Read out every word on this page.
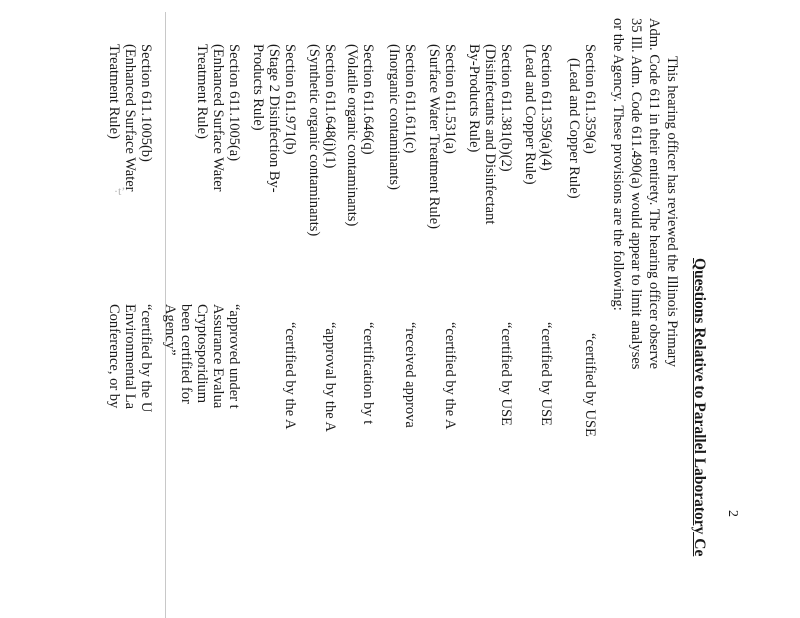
·t’
2
Questions Relative to Parallel Laboratory Ce
This hearing officer has reviewed the Illinois Primary
Adm. Code 611 in their entirety. The hearing officer observe
35 Ill. Adm. Code 611.490(a) would appear to limit analyses
or the Agency. These provisions are the following:
Section 611.359(a)
(Lead and Copper Rule)
“certified by USE
Section 611.359(a)(4)
(Lead and Copper Rule)
“certified by USE
Section 611.381(b)(2)
(Disinfectants and Disinfectant
By-Products Rule)
“certified by USE
Section 611.531(a)
(Surface Water Treatment Rule)
“certified by the A
Section 611.611(c)
(Inorganic contaminants)
“received approva
Section 611.646(q)
(Volatile organic contaminants)
“certification by t
Section 611.648(j)(1)
(Synthetic organic contaminants)
“approval by the A
Section 611.971(b)
(Stage 2 Disinfection By-
Products Rule)
“certified by the A
Section 611.1005(a)
(Enhanced Surface Water
Treatment Rule)
“approved under t
Assurance Evalua
Cryptosporidium
been certified for
Agency”
Section 611.1005(b)
(Enhanced Surface Water
Treatment Rule)
“certified by the U
Environmental La
Conference, or by
